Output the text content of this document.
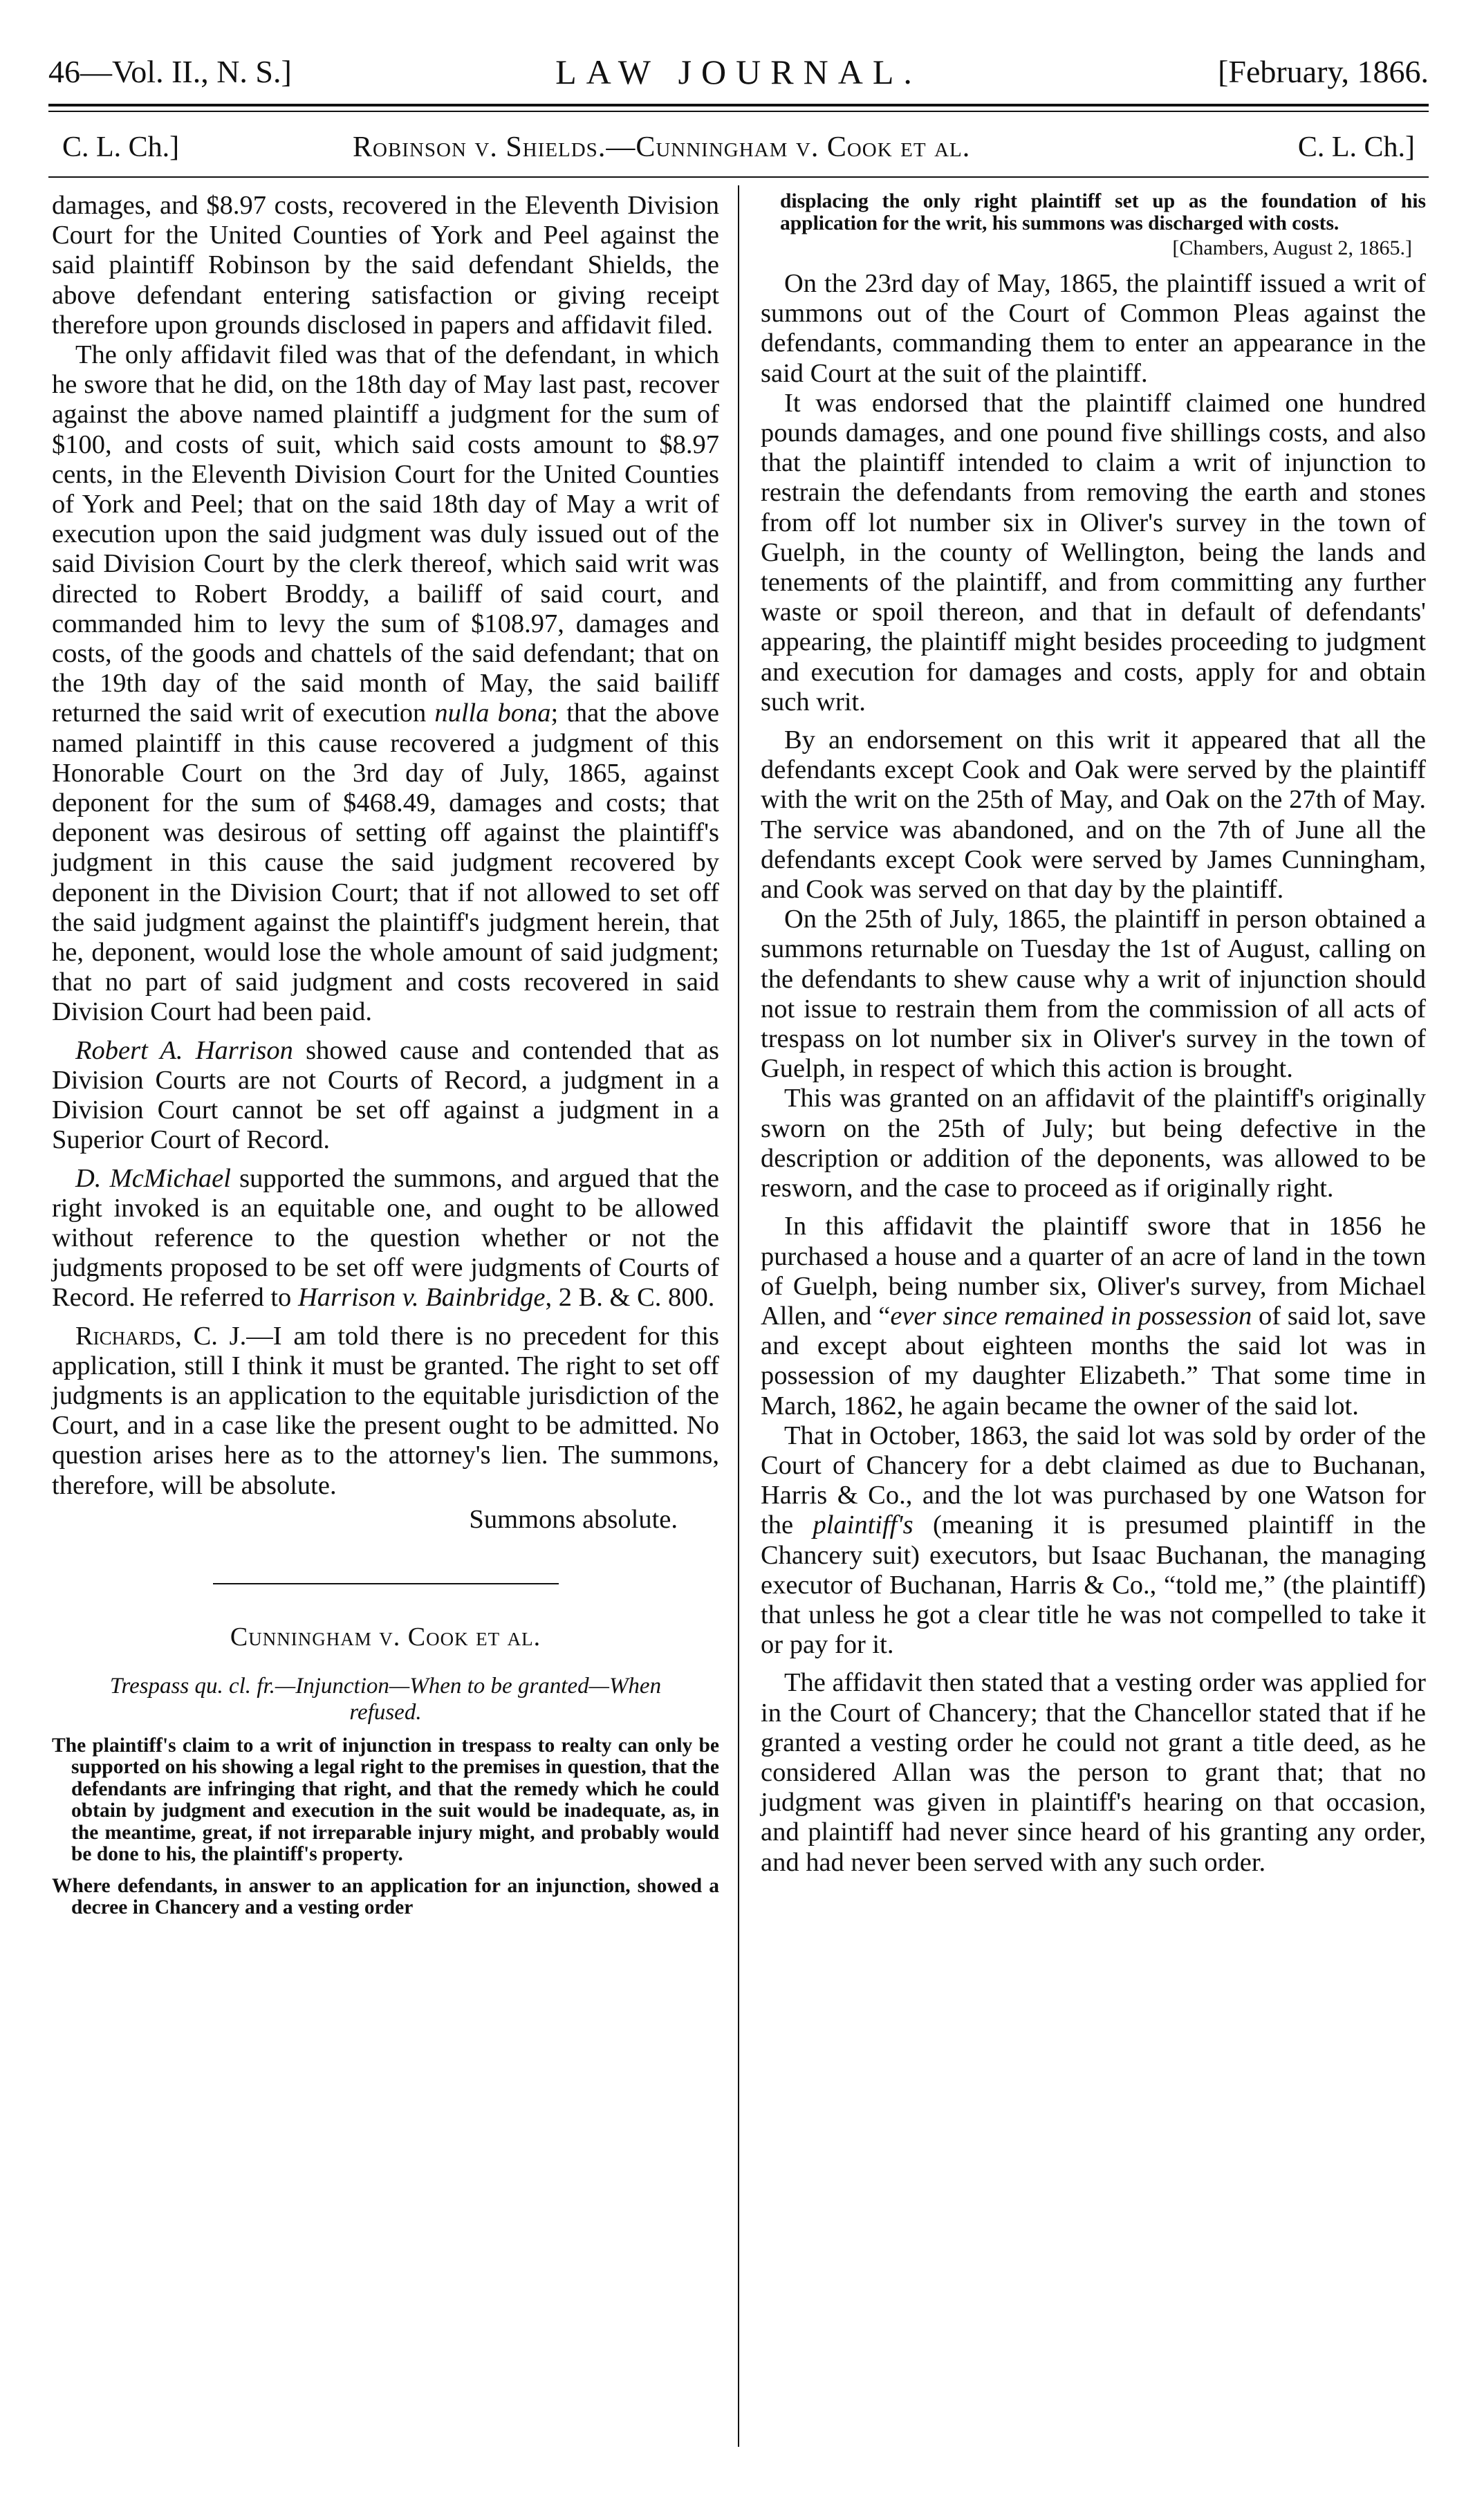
46—Vol. II., N. S.]	LAW JOURNAL.	[February, 1866.
C. L. Ch.]	Robinson v. Shields.—Cunningham v. Cook et al.	C. L. Ch.]

damages, and $8.97 costs, recovered in the Eleventh Division Court for the United Counties of York and Peel against the said plaintiff Robinson by the said defendant Shields, the above defendant entering satisfaction or giving receipt therefore upon grounds disclosed in papers and affidavit filed.

The only affidavit filed was that of the defendant, in which he swore that he did, on the 18th day of May last past, recover against the above named plaintiff a judgment for the sum of $100, and costs of suit, which said costs amount to $8.97 cents, in the Eleventh Division Court for the United Counties of York and Peel; that on the said 18th day of May a writ of execution upon the said judgment was duly issued out of the said Division Court by the clerk thereof, which said writ was directed to Robert Broddy, a bailiff of said court, and commanded him to levy the sum of $108.97, damages and costs, of the goods and chattels of the said defendant; that on the 19th day of the said month of May, the said bailiff returned the said writ of execution nulla bona; that the above named plaintiff in this cause recovered a judgment of this Honorable Court on the 3rd day of July, 1865, against deponent for the sum of $468.49, damages and costs; that deponent was desirous of setting off against the plaintiff's judgment in this cause the said judgment recovered by deponent in the Division Court; that if not allowed to set off the said judgment against the plaintiff's judgment herein, that he, deponent, would lose the whole amount of said judgment; that no part of said judgment and costs recovered in said Division Court had been paid.

Robert A. Harrison showed cause and contended that as Division Courts are not Courts of Record, a judgment in a Division Court cannot be set off against a judgment in a Superior Court of Record.

D. McMichael supported the summons, and argued that the right invoked is an equitable one, and ought to be allowed without reference to the question whether or not the judgments proposed to be set off were judgments of Courts of Record. He referred to Harrison v. Bainbridge, 2 B. & C. 800.

Richards, C. J.—I am told there is no precedent for this application, still I think it must be granted. The right to set off judgments is an application to the equitable jurisdiction of the Court, and in a case like the present ought to be admitted. No question arises here as to the attorney's lien. The summons, therefore, will be absolute.

Summons absolute.
Cunningham v. Cook et al.
Trespass qu. cl. fr.—Injunction—When to be granted—When refused.

The plaintiff's claim to a writ of injunction in trespass to realty can only be supported on his showing a legal right to the premises in question, that the defendants are infringing that right, and that the remedy which he could obtain by judgment and execution in the suit would be inadequate, as, in the meantime, great, if not irreparable injury might, and probably would be done to his, the plaintiff's property.

Where defendants, in answer to an application for an injunction, showed a decree in Chancery and a vesting order

displacing the only right plaintiff set up as the foundation of his application for the writ, his summons was discharged with costs.

[Chambers, August 2, 1865.]

On the 23rd day of May, 1865, the plaintiff issued a writ of summons out of the Court of Common Pleas against the defendants, commanding them to enter an appearance in the said Court at the suit of the plaintiff.

It was endorsed that the plaintiff claimed one hundred pounds damages, and one pound five shillings costs, and also that the plaintiff intended to claim a writ of injunction to restrain the defendants from removing the earth and stones from off lot number six in Oliver's survey in the town of Guelph, in the county of Wellington, being the lands and tenements of the plaintiff, and from committing any further waste or spoil thereon, and that in default of defendants' appearing, the plaintiff might besides proceeding to judgment and execution for damages and costs, apply for and obtain such writ.

By an endorsement on this writ it appeared that all the defendants except Cook and Oak were served by the plaintiff with the writ on the 25th of May, and Oak on the 27th of May. The service was abandoned, and on the 7th of June all the defendants except Cook were served by James Cunningham, and Cook was served on that day by the plaintiff.

On the 25th of July, 1865, the plaintiff in person obtained a summons returnable on Tuesday the 1st of August, calling on the defendants to shew cause why a writ of injunction should not issue to restrain them from the commission of all acts of trespass on lot number six in Oliver's survey in the town of Guelph, in respect of which this action is brought.

This was granted on an affidavit of the plaintiff's originally sworn on the 25th of July; but being defective in the description or addition of the deponents, was allowed to be resworn, and the case to proceed as if originally right.

In this affidavit the plaintiff swore that in 1856 he purchased a house and a quarter of an acre of land in the town of Guelph, being number six, Oliver's survey, from Michael Allen, and “ever since remained in possession of said lot, save and except about eighteen months the said lot was in possession of my daughter Elizabeth.” That some time in March, 1862, he again became the owner of the said lot.

That in October, 1863, the said lot was sold by order of the Court of Chancery for a debt claimed as due to Buchanan, Harris & Co., and the lot was purchased by one Watson for the plaintiff's (meaning it is presumed plaintiff in the Chancery suit) executors, but Isaac Buchanan, the managing executor of Buchanan, Harris & Co., “told me,” (the plaintiff) that unless he got a clear title he was not compelled to take it or pay for it.

The affidavit then stated that a vesting order was applied for in the Court of Chancery; that the Chancellor stated that if he granted a vesting order he could not grant a title deed, as he considered Allan was the person to grant that; that no judgment was given in plaintiff's hearing on that occasion, and plaintiff had never since heard of his granting any order, and had never been served with any such order.
